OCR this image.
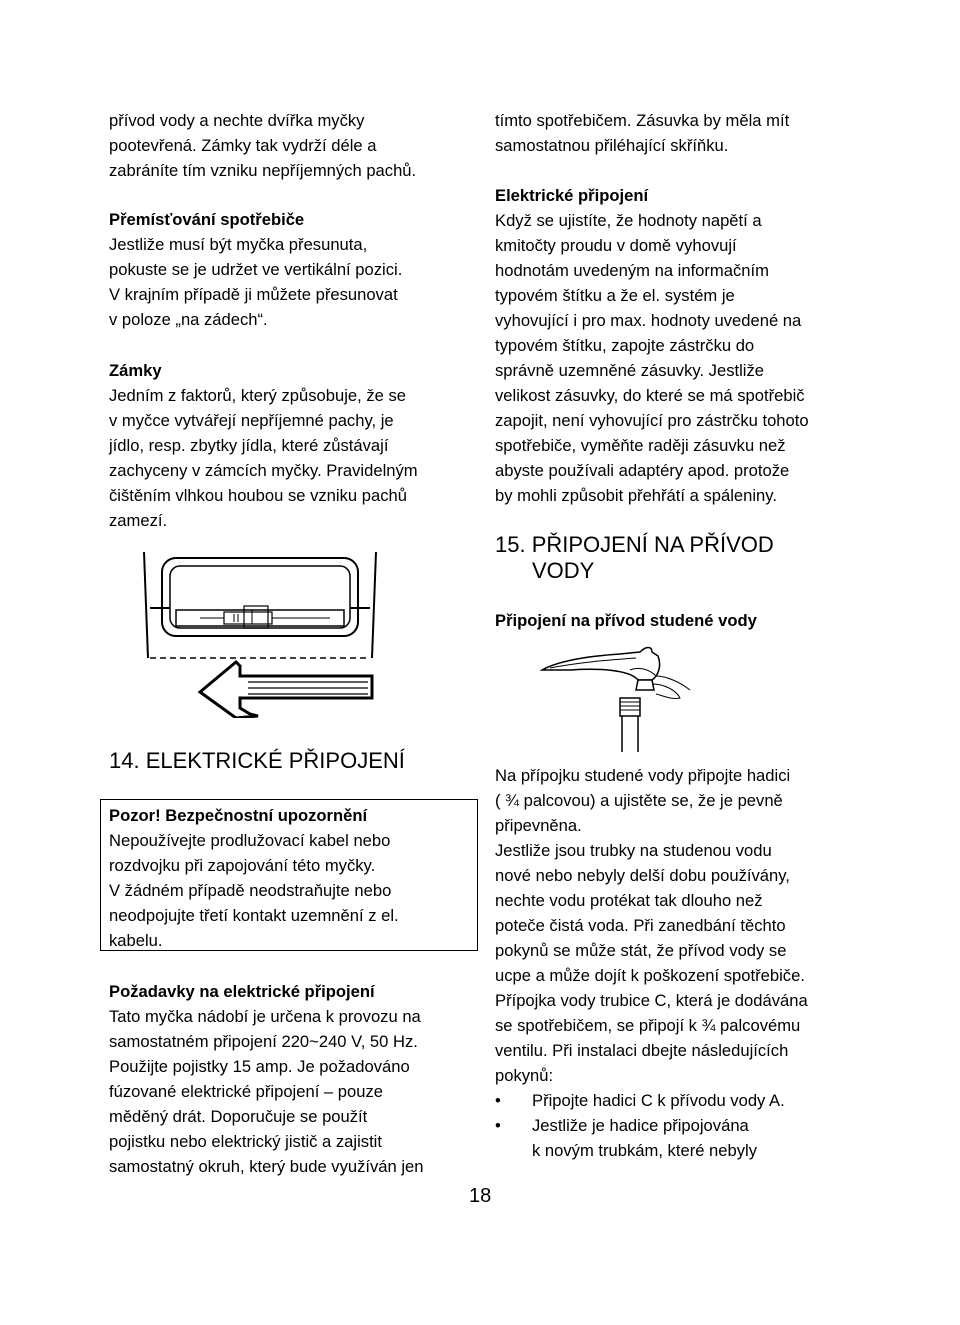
přívod vody a nechte dvířka myčky

pootevřená. Zámky tak vydrží déle a

zabráníte tím vzniku nepříjemných pachů.

Přemísťování spotřebiče

Jestliže musí být myčka přesunuta,

pokuste se je udržet ve vertikální pozici.

V krajním případě ji můžete přesunovat

v poloze „na zádech“.

Zámky

Jedním z faktorů, který způsobuje, že se

v myčce vytvářejí nepříjemné pachy, je

jídlo, resp. zbytky jídla, které zůstávají

zachyceny v zámcích myčky. Pravidelným

čištěním vlhkou houbou se vzniku pachů

zamezí.

14. ELEKTRICKÉ PŘIPOJENÍ

Pozor! Bezpečnostní upozornění

Nepoužívejte prodlužovací kabel nebo

rozdvojku při zapojování této myčky.

V žádném případě neodstraňujte nebo

neodpojujte třetí kontakt uzemnění z el.

kabelu.

Požadavky na elektrické připojení

Tato myčka nádobí je určena k provozu na

samostatném připojení 220~240 V, 50 Hz.

Použijte pojistky 15 amp. Je požadováno

fúzované elektrické připojení – pouze

měděný drát. Doporučuje se použít

pojistku nebo elektrický jistič a zajistit

samostatný okruh, který bude využíván jen

tímto spotřebičem. Zásuvka by měla mít

samostatnou přiléhající skříňku.

Elektrické připojení

Když se ujistíte, že hodnoty napětí a

kmitočty proudu v domě vyhovují

hodnotám uvedeným na informačním

typovém štítku a že el. systém je

vyhovující i pro max. hodnoty uvedené na

typovém štítku, zapojte zástrčku do

správně uzemněné zásuvky. Jestliže

velikost zásuvky, do které se má spotřebič

zapojit, není vyhovující pro zástrčku tohoto

spotřebiče, vyměňte raději zásuvku než

abyste používali adaptéry apod. protože

by mohli způsobit přehřátí a spáleniny.

15. PŘIPOJENÍ NA PŘÍVOD
VODY
Připojení na přívod studené vody

Na přípojku studené vody připojte hadici

( ¾ palcovou) a ujistěte se, že je pevně

připevněna.

Jestliže jsou trubky na studenou vodu

nové nebo nebyly delší dobu používány,

nechte vodu protékat tak dlouho než

poteče čistá voda. Při zanedbání těchto

pokynů se může stát, že přívod vody se

ucpe a může dojít k poškození spotřebiče.

Přípojka vody trubice C, která je dodávána

se spotřebičem, se připojí k ¾ palcovému

ventilu. Při instalaci dbejte následujících

pokynů:

• Připojte hadici C k přívodu vody A.
• Jestliže je hadice připojována
k novým trubkám, které nebyly
18
